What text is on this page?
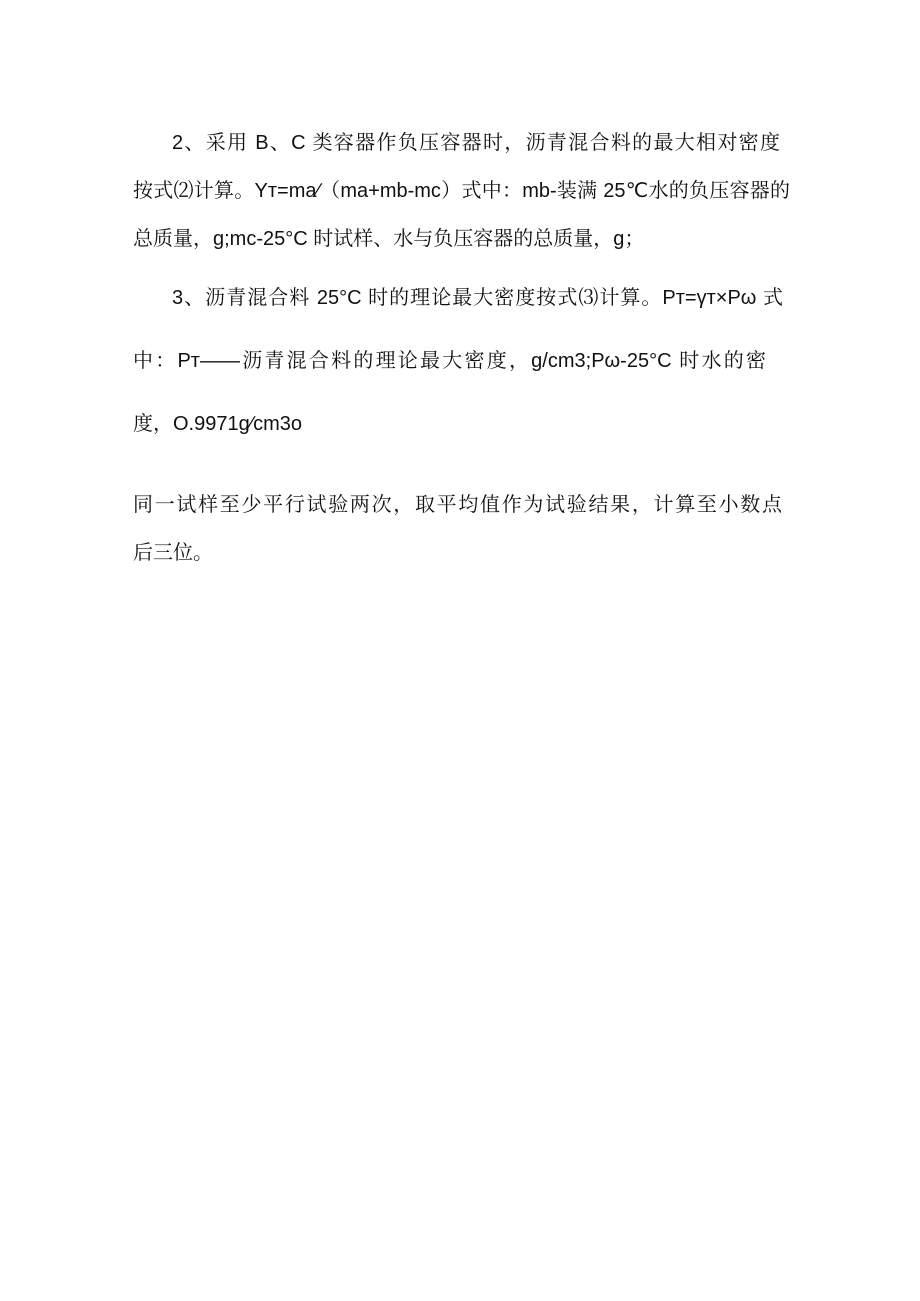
2、采用 B、C 类容器作负压容器时，沥青混合料的最大相对密度
按式⑵计算。Yт=ma∕（ma+mb-mc）式中：mb-装满 25℃水的负压容器的
总质量，g;mc-25°C 时试样、水与负压容器的总质量，g；
3、沥青混合料 25°C 时的理论最大密度按式⑶计算。Pт=γт×Pω 式
中：Pт——沥青混合料的理论最大密度，g/cm3;Pω-25°C 时水的密
度，O.9971g∕cm3o
同一试样至少平行试验两次，取平均值作为试验结果，计算至小数点
后三位。
